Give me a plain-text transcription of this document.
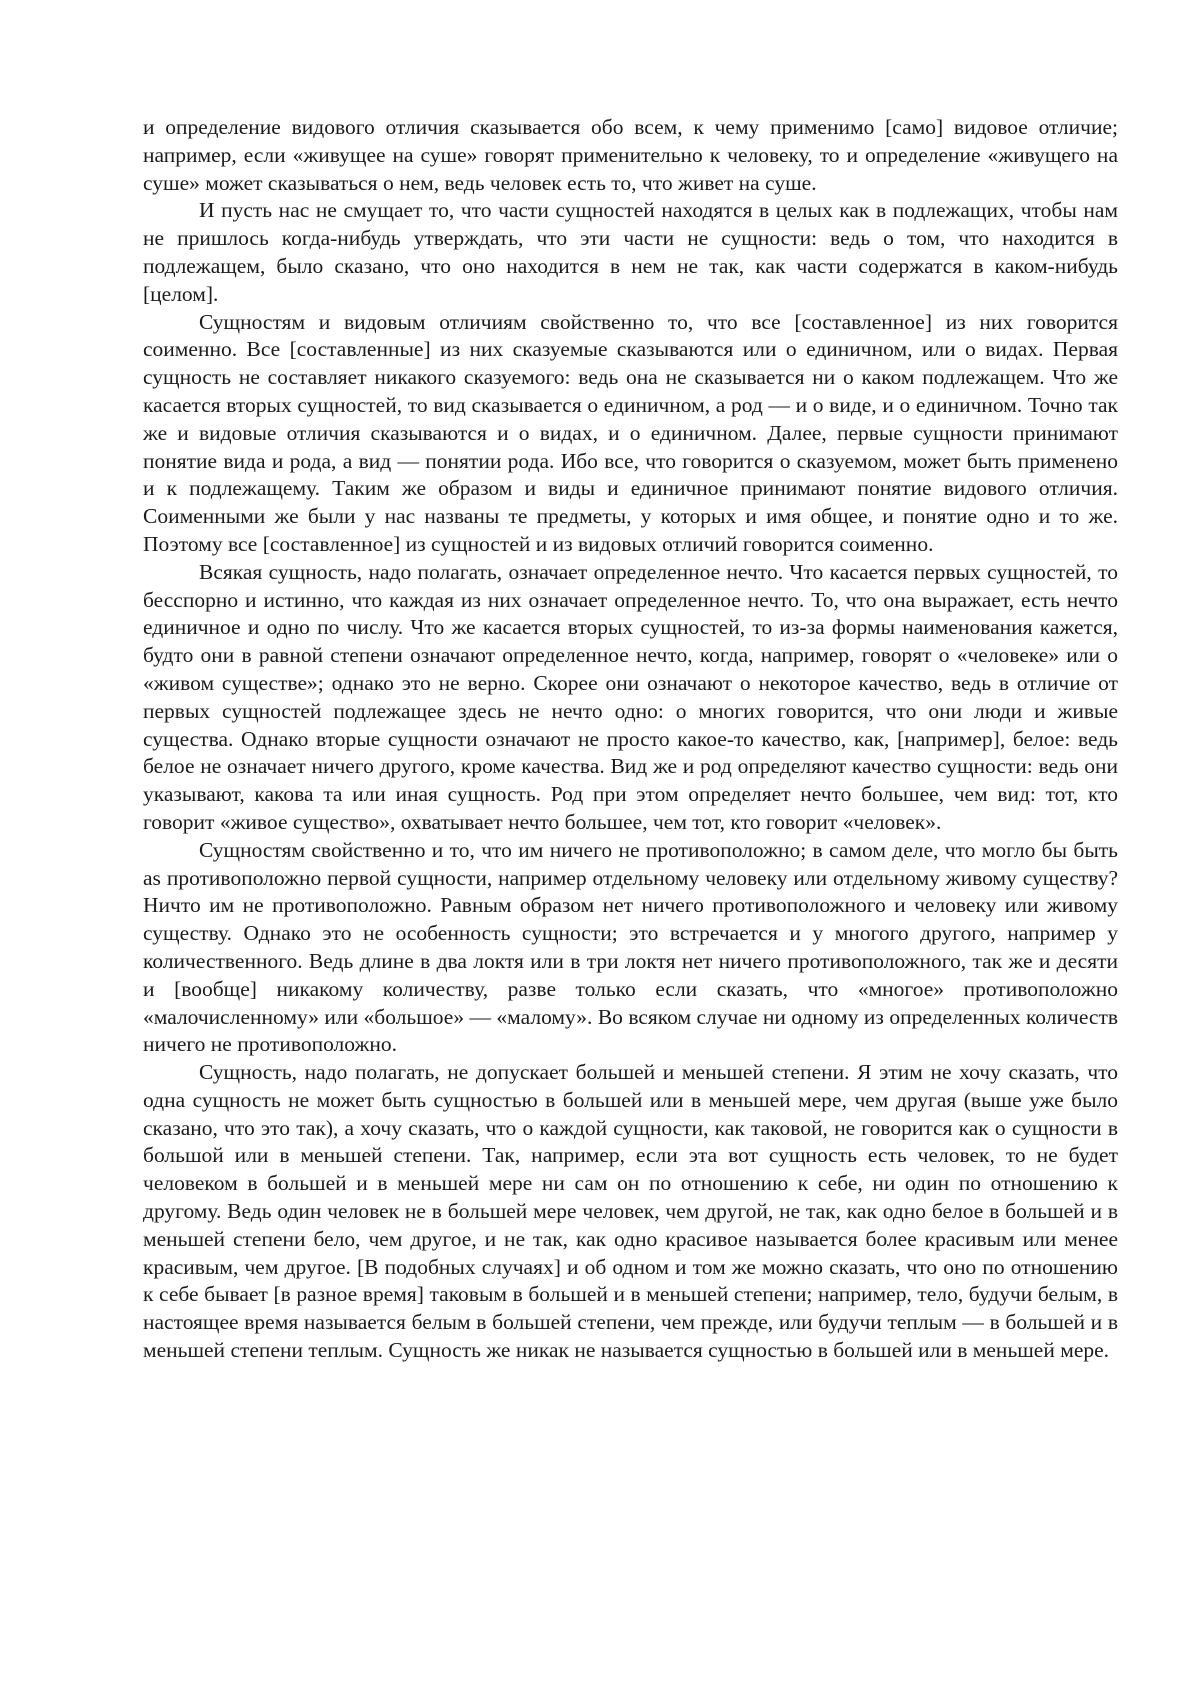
и определение видового отличия сказывается обо всем, к чему применимо [само] видовое отличие; например, если «живущее на суше» говорят применительно к человеку, то и определение «живущего на суше» может сказываться о нем, ведь человек есть то, что живет на суше.

И пусть нас не смущает то, что части сущностей находятся в целых как в подлежащих, чтобы нам не пришлось когда-нибудь утверждать, что эти части не сущности: ведь о том, что находится в подлежащем, было сказано, что оно находится в нем не так, как части содержатся в каком-нибудь [целом].

Сущностям и видовым отличиям свойственно то, что все [составленное] из них говорится соименно. Все [составленные] из них сказуемые сказываются или о единичном, или о видах. Первая сущность не составляет никакого сказуемого: ведь она не сказывается ни о каком подлежащем. Что же касается вторых сущностей, то вид сказывается о единичном, а род — и о виде, и о единичном. Точно так же и видовые отличия сказываются и о видах, и о единичном. Далее, первые сущности принимают понятие вида и рода, а вид — понятии рода. Ибо все, что говорится о сказуемом, может быть применено и к подлежащему. Таким же образом и виды и единичное принимают понятие видового отличия. Соименными же были у нас названы те предметы, у которых и имя общее, и понятие одно и то же. Поэтому все [составленное] из сущностей и из видовых отличий говорится соименно.

Всякая сущность, надо полагать, означает определенное нечто. Что касается первых сущностей, то бесспорно и истинно, что каждая из них означает определенное нечто. То, что она выражает, есть нечто единичное и одно по числу. Что же касается вторых сущностей, то из-за формы наименования кажется, будто они в равной степени означают определенное нечто, когда, например, говорят о «человеке» или о «живом существе»; однако это не верно. Скорее они означают о некоторое качество, ведь в отличие от первых сущностей подлежащее здесь не нечто одно: о многих говорится, что они люди и живые существа. Однако вторые сущности означают не просто какое-то качество, как, [например], белое: ведь белое не означает ничего другого, кроме качества. Вид же и род определяют качество сущности: ведь они указывают, какова та или иная сущность. Род при этом определяет нечто большее, чем вид: тот, кто говорит «живое существо», охватывает нечто большее, чем тот, кто говорит «человек».

Сущностям свойственно и то, что им ничего не противоположно; в самом деле, что могло бы быть as противоположно первой сущности, например отдельному человеку или отдельному живому существу? Ничто им не противоположно. Равным образом нет ничего противоположного и человеку или живому существу. Однако это не особенность сущности; это встречается и у многого другого, например у количественного. Ведь длине в два локтя или в три локтя нет ничего противоположного, так же и десяти и [вообще] никакому количеству, разве только если сказать, что «многое» противоположно «малочисленному» или «большое» — «малому». Во всяком случае ни одному из определенных количеств ничего не противоположно.

Сущность, надо полагать, не допускает большей и меньшей степени. Я этим не хочу сказать, что одна сущность не может быть сущностью в большей или в меньшей мере, чем другая (выше уже было сказано, что это так), а хочу сказать, что о каждой сущности, как таковой, не говорится как о сущности в большой или в меньшей степени. Так, например, если эта вот сущность есть человек, то не будет человеком в большей и в меньшей мере ни сам он по отношению к себе, ни один по отношению к другому. Ведь один человек не в большей мере человек, чем другой, не так, как одно белое в большей и в меньшей степени бело, чем другое, и не так, как одно красивое называется более красивым или менее красивым, чем другое. [В подобных случаях] и об одном и том же можно сказать, что оно по отношению к себе бывает [в разное время] таковым в большей и в меньшей степени; например, тело, будучи белым, в настоящее время называется белым в большей степени, чем прежде, или будучи теплым — в большей и в меньшей степени теплым. Сущность же никак не называется сущностью в большей или в меньшей мере.
